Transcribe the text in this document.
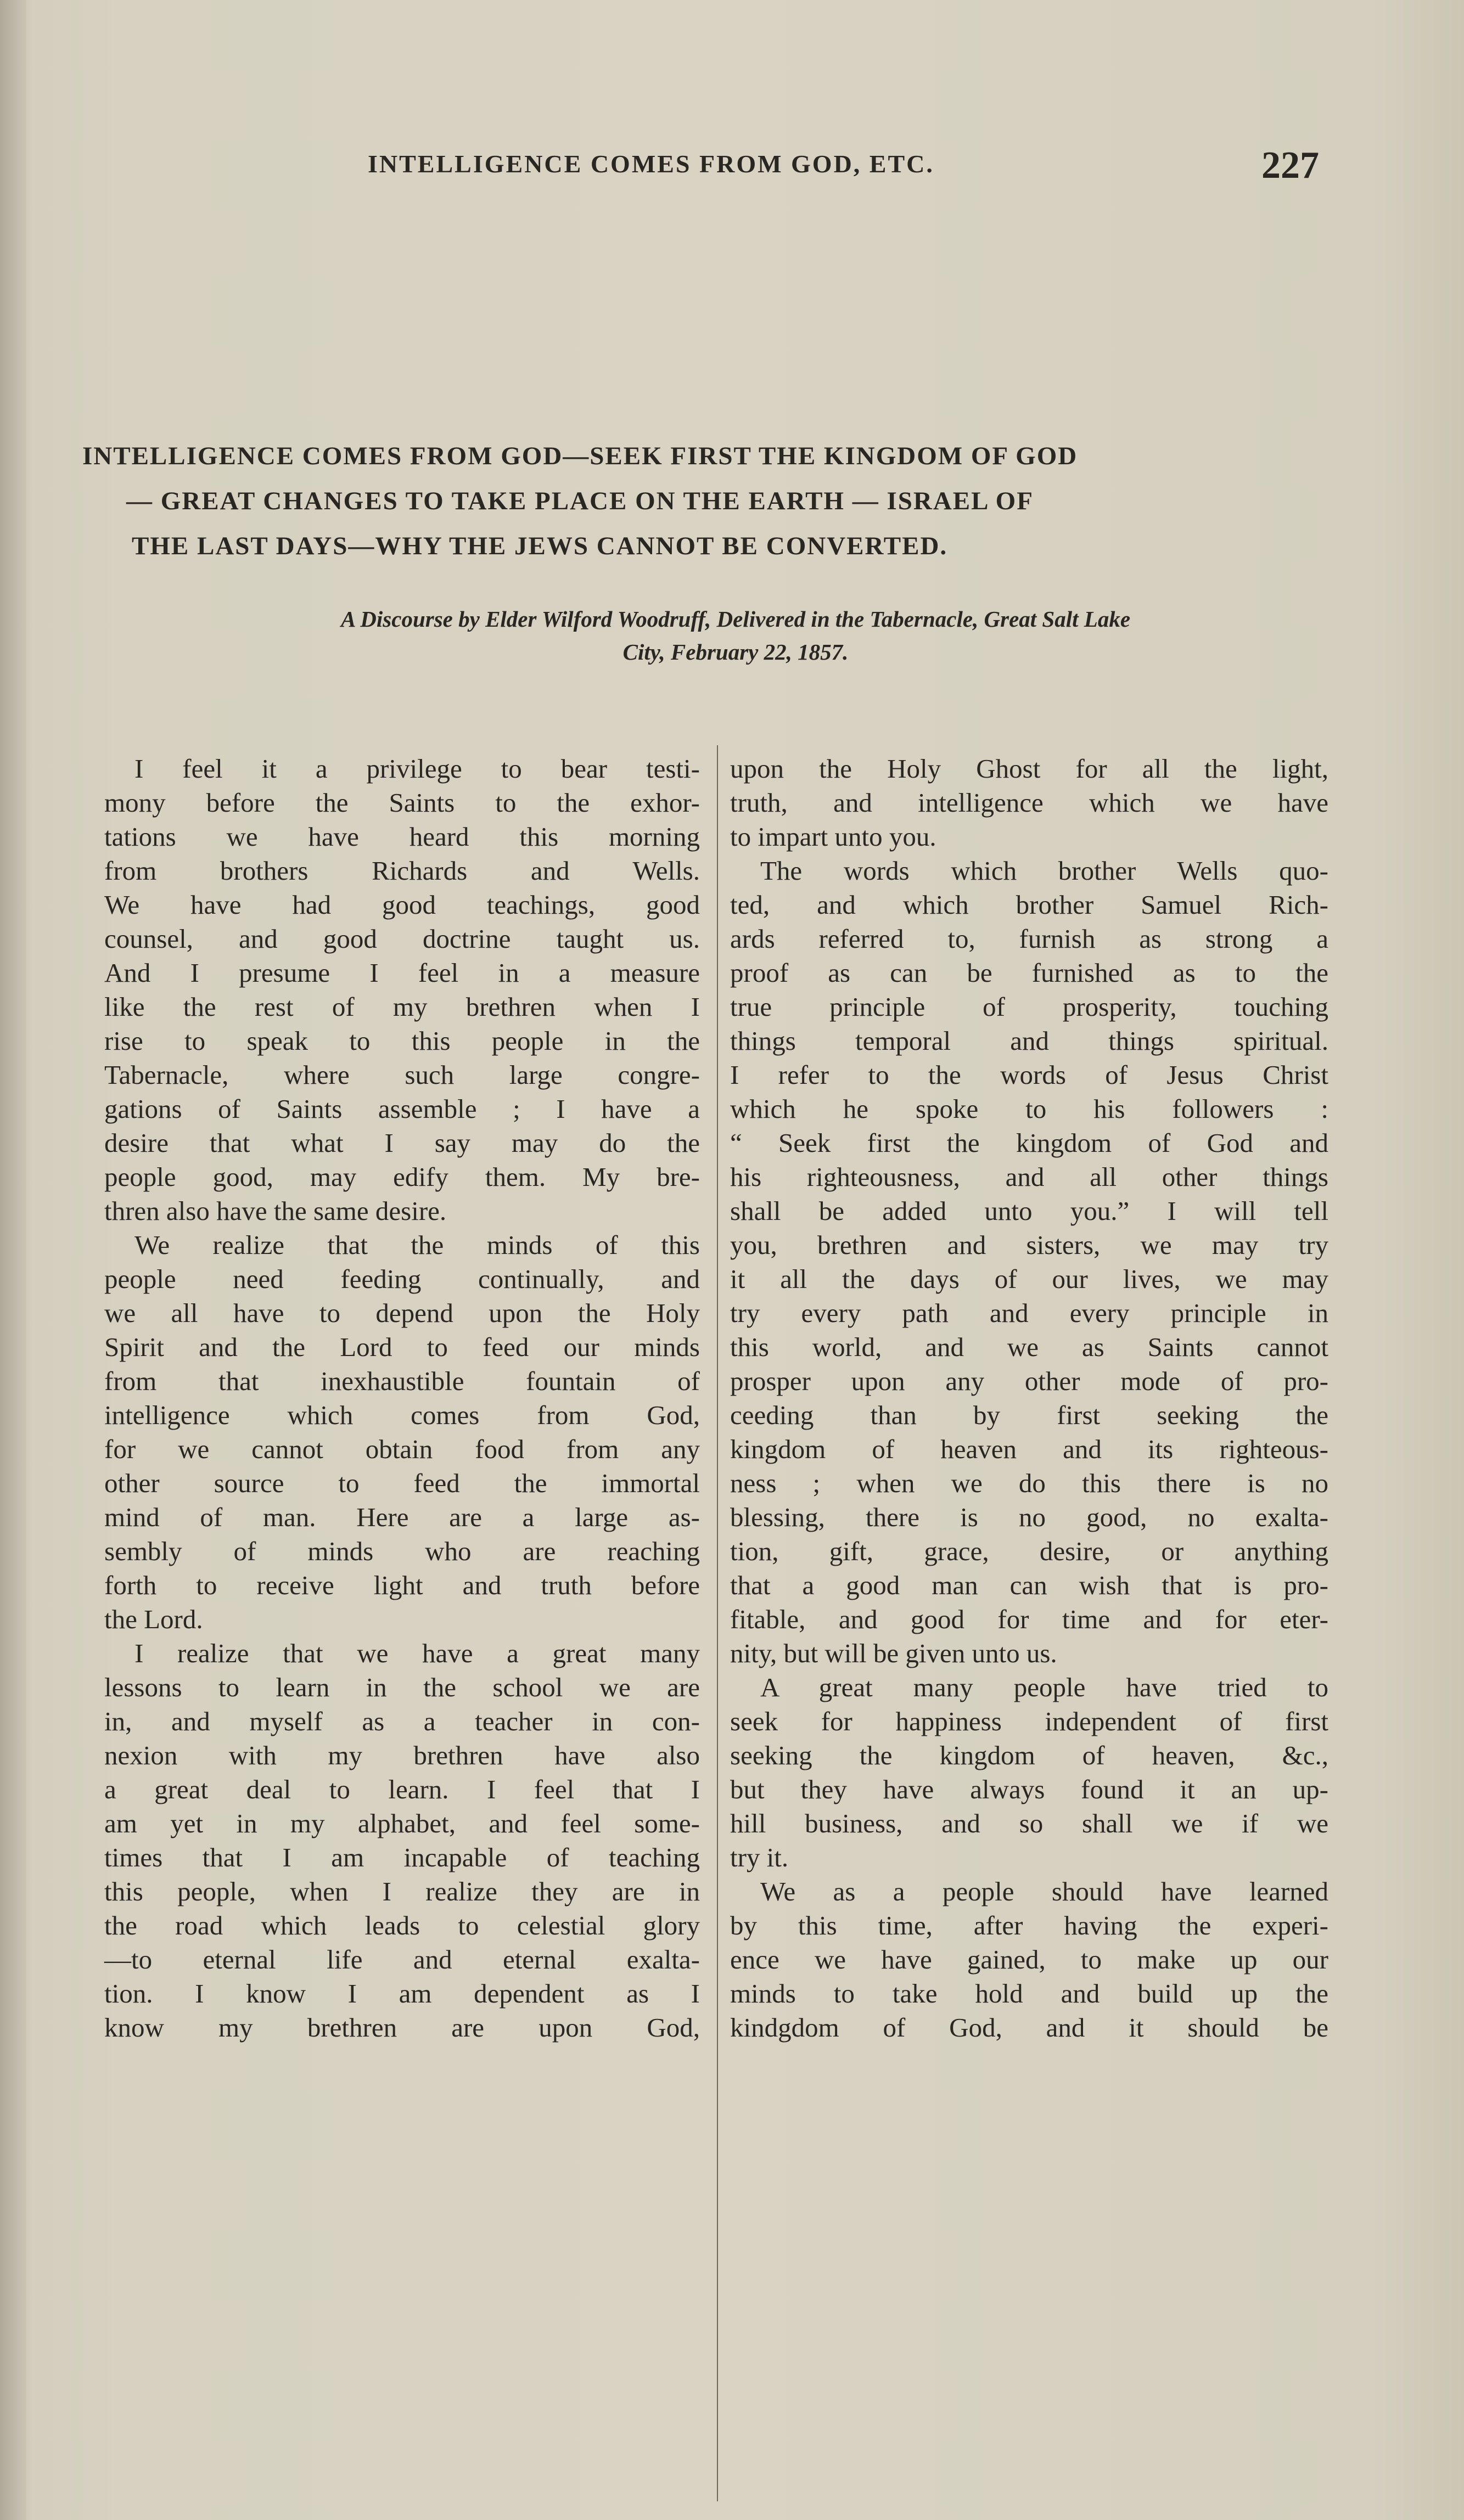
INTELLIGENCE COMES FROM GOD, ETC.	227
INTELLIGENCE COMES FROM GOD—SEEK FIRST THE KINGDOM OF GOD
— GREAT CHANGES TO TAKE PLACE ON THE EARTH — ISRAEL OF
THE LAST DAYS—WHY THE JEWS CANNOT BE CONVERTED.
A Discourse by Elder Wilford Woodruff, Delivered in the Tabernacle, Great Salt Lake
City, February 22, 1857.
I feel it a privilege to bear testi-
mony before the Saints to the exhor-
tations we have heard this morning
from brothers Richards and Wells.
We have had good teachings, good
counsel, and good doctrine taught us.
And I presume I feel in a measure
like the rest of my brethren when I
rise to speak to this people in the
Tabernacle, where such large congre-
gations of Saints assemble ; I have a
desire that what I say may do the
people good, may edify them. My bre-
thren also have the same desire.
We realize that the minds of this
people need feeding continually, and
we all have to depend upon the Holy
Spirit and the Lord to feed our minds
from that inexhaustible fountain of
intelligence which comes from God,
for we cannot obtain food from any
other source to feed the immortal
mind of man. Here are a large as-
sembly of minds who are reaching
forth to receive light and truth before
the Lord.
I realize that we have a great many
lessons to learn in the school we are
in, and myself as a teacher in con-
nexion with my brethren have also
a great deal to learn. I feel that I
am yet in my alphabet, and feel some-
times that I am incapable of teaching
this people, when I realize they are in
the road which leads to celestial glory
—to eternal life and eternal exalta-
tion. I know I am dependent as I
know my brethren are upon God,
upon the Holy Ghost for all the light,
truth, and intelligence which we have
to impart unto you.
The words which brother Wells quo-
ted, and which brother Samuel Rich-
ards referred to, furnish as strong a
proof as can be furnished as to the
true principle of prosperity, touching
things temporal and things spiritual.
I refer to the words of Jesus Christ
which he spoke to his followers :
“ Seek first the kingdom of God and
his righteousness, and all other things
shall be added unto you.” I will tell
you, brethren and sisters, we may try
it all the days of our lives, we may
try every path and every principle in
this world, and we as Saints cannot
prosper upon any other mode of pro-
ceeding than by first seeking the
kingdom of heaven and its righteous-
ness ; when we do this there is no
blessing, there is no good, no exalta-
tion, gift, grace, desire, or anything
that a good man can wish that is pro-
fitable, and good for time and for eter-
nity, but will be given unto us.
A great many people have tried to
seek for happiness independent of first
seeking the kingdom of heaven, &c.,
but they have always found it an up-
hill business, and so shall we if we
try it.
We as a people should have learned
by this time, after having the experi-
ence we have gained, to make up our
minds to take hold and build up the
kindgdom of God, and it should be
